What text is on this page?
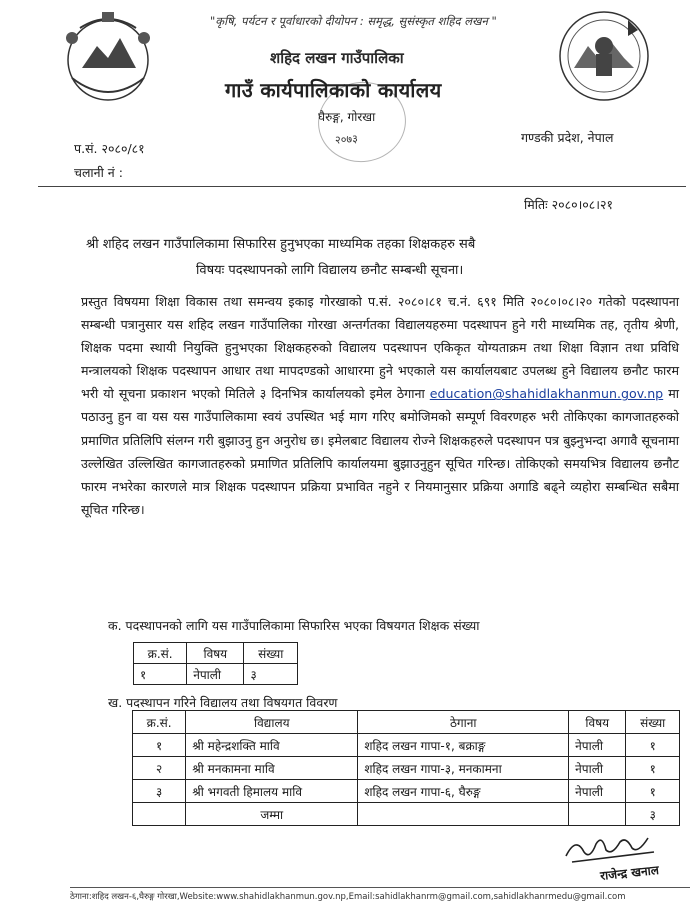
"कृषि, पर्यटन र पूर्वाधारको दीयोपन : समृद्ध, सुसंस्कृत शहिद लखन "
शहिद लखन गाउँपालिका
गाउँ कार्यपालिकाको कार्यालय
घैरुङ्ग, गोरखा
२०७३
प.सं. २०८०/८१
चलानी नं :
गण्डकी प्रदेश, नेपाल
मितिः २०८०।०८।२१
श्री शहिद लखन गाउँपालिकामा सिफारिस हुनुभएका माध्यमिक तहका शिक्षकहरु सबै
विषयः पदस्थापनको लागि विद्यालय छनौट सम्बन्धी सूचना।
प्रस्तुत विषयमा शिक्षा विकास तथा समन्वय इकाइ गोरखाको प.सं. २०८०।८१ च.नं. ६९१ मिति २०८०।०८।२० गतेको पदस्थापना सम्बन्धी पत्रानुसार यस शहिद लखन गाउँपालिका गोरखा अन्तर्गतका विद्यालयहरुमा पदस्थापन हुने गरी माध्यमिक तह, तृतीय श्रेणी, शिक्षक पदमा स्थायी नियुक्ति हुनुभएका शिक्षकहरुको विद्यालय पदस्थापन एकिकृत योग्यताक्रम तथा शिक्षा विज्ञान तथा प्रविधि मन्त्रालयको शिक्षक पदस्थापन आधार तथा मापदण्डको आधारमा हुने भएकाले यस कार्यालयबाट उपलब्ध हुने विद्यालय छनौट फारम भरी यो सूचना प्रकाशन भएको मितिले ३ दिनभित्र कार्यालयको इमेल ठेगाना education@shahidlakhanmun.gov.np मा पठाउनु हुन वा यस यस गाउँपालिकामा स्वयं उपस्थित भई माग गरिए बमोजिमको सम्पूर्ण विवरणहरु भरी तोकिएका कागजातहरुको प्रमाणित प्रतिलिपि संलग्न गरी बुझाउनु हुन अनुरोध छ। इमेलबाट विद्यालय रोज्ने शिक्षकहरुले पदस्थापन पत्र बुझ्नुभन्दा अगावै सूचनामा उल्लेखित उल्लिखित कागजातहरुको प्रमाणित प्रतिलिपि कार्यालयमा बुझाउनुहुन सूचित गरिन्छ। तोकिएको समयभित्र विद्यालय छनौट फारम नभरेका कारणले मात्र शिक्षक पदस्थापन प्रक्रिया प्रभावित नहुने र नियमानुसार प्रक्रिया अगाडि बढ्ने व्यहोरा सम्बन्धित सबैमा सूचित गरिन्छ।
क. पदस्थापनको लागि यस गाउँपालिकामा सिफारिस भएका विषयगत शिक्षक संख्या
क्र.सं.	विषय	संख्या
१	नेपाली	३
ख. पदस्थापन गरिने विद्यालय तथा विषयगत विवरण
क्र.सं.	विद्यालय	ठेगाना	विषय	संख्या
१	श्री महेन्द्रशक्ति मावि	शहिद लखन गापा-१, बक्राङ्ग	नेपाली	१
२	श्री मनकामना मावि	शहिद लखन गापा-३, मनकामना	नेपाली	१
३	श्री भगवती हिमालय मावि	शहिद लखन गापा-६, घैरुङ्ग	नेपाली	१
	जम्मा			३
राजेन्द्र खनाल
ठेगाना:शहिद लखन-६,घैरुङ्ग गोरखा,Website:www.shahidlakhanmun.gov.np,Email:sahidlakhanrm@gmail.com,sahidlakhanrmedu@gmail.com
